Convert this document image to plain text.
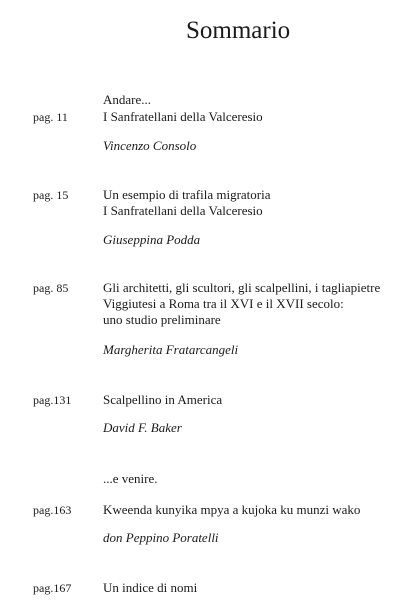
Sommario
Andare...
pag. 11	I Sanfratellani della Valceresio
Vincenzo Consolo
pag. 15	Un esempio di trafila migratoria
I Sanfratellani della Valceresio
Giuseppina Podda
pag. 85	Gli architetti, gli scultori, gli scalpellini, i tagliapietre
Viggiutesi a Roma tra il XVI e il XVII secolo:
uno studio preliminare
Margherita Fratarcangeli
pag.131 Scalpellino in America
David F. Baker
...e venire.
pag.163 Kweenda kunyika mpya a kujoka ku munzi wako
don Peppino Poratelli
pag.167 Un indice di nomi
